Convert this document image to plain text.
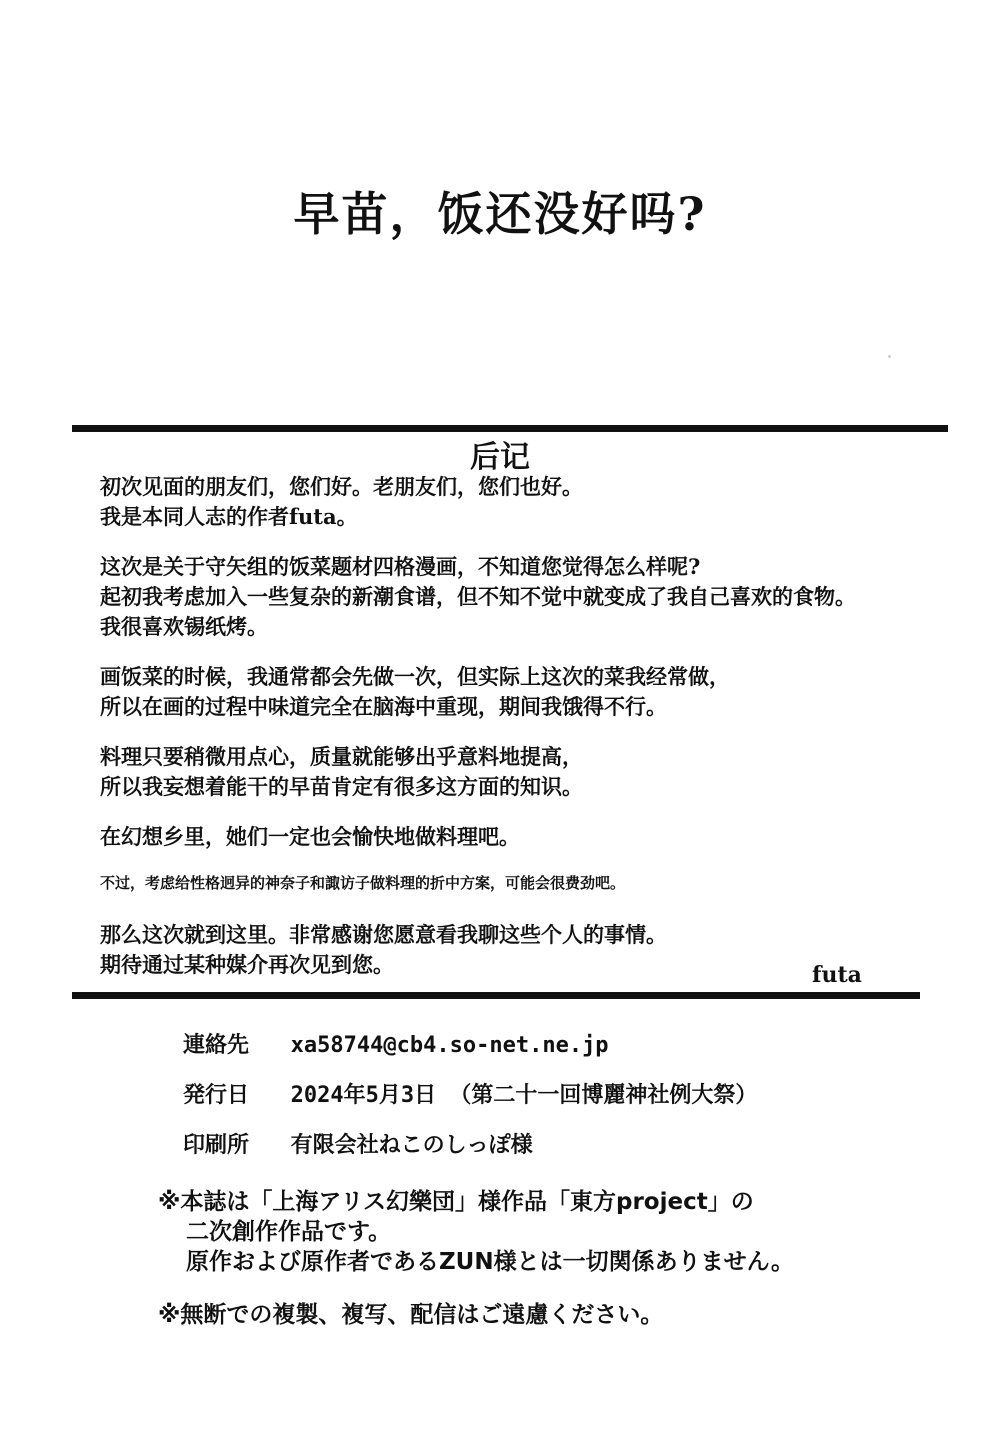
早苗，饭还没好吗?
后记

初次见面的朋友们，您们好。老朋友们，您们也好。
我是本同人志的作者futa。

这次是关于守矢组的饭菜题材四格漫画，不知道您觉得怎么样呢?
起初我考虑加入一些复杂的新潮食谱，但不知不觉中就变成了我自己喜欢的食物。
我很喜欢锡纸烤。

画饭菜的时候，我通常都会先做一次，但实际上这次的菜我经常做，
所以在画的过程中味道完全在脑海中重现，期间我饿得不行。

料理只要稍微用点心，质量就能够出乎意料地提高，
所以我妄想着能干的早苗肯定有很多这方面的知识。

在幻想乡里，她们一定也会愉快地做料理吧。

不过，考虑给性格迥异的神奈子和諏访子做料理的折中方案，可能会很费劲吧。

那么这次就到这里。非常感谢您愿意看我聊这些个人的事情。
期待通过某种媒介再次见到您。	futa
連絡先 xa58744@cb4.so-net.ne.jp
発行日 2024年5月3日 （第二十一回博麗神社例大祭）
印刷所 有限会社ねこのしっぽ様
※本誌は「上海アリス幻樂団」様作品「東方project」の
二次創作作品です。
原作および原作者であるZUN様とは一切関係ありません。
※無断での複製、複写、配信はご遠慮ください。
